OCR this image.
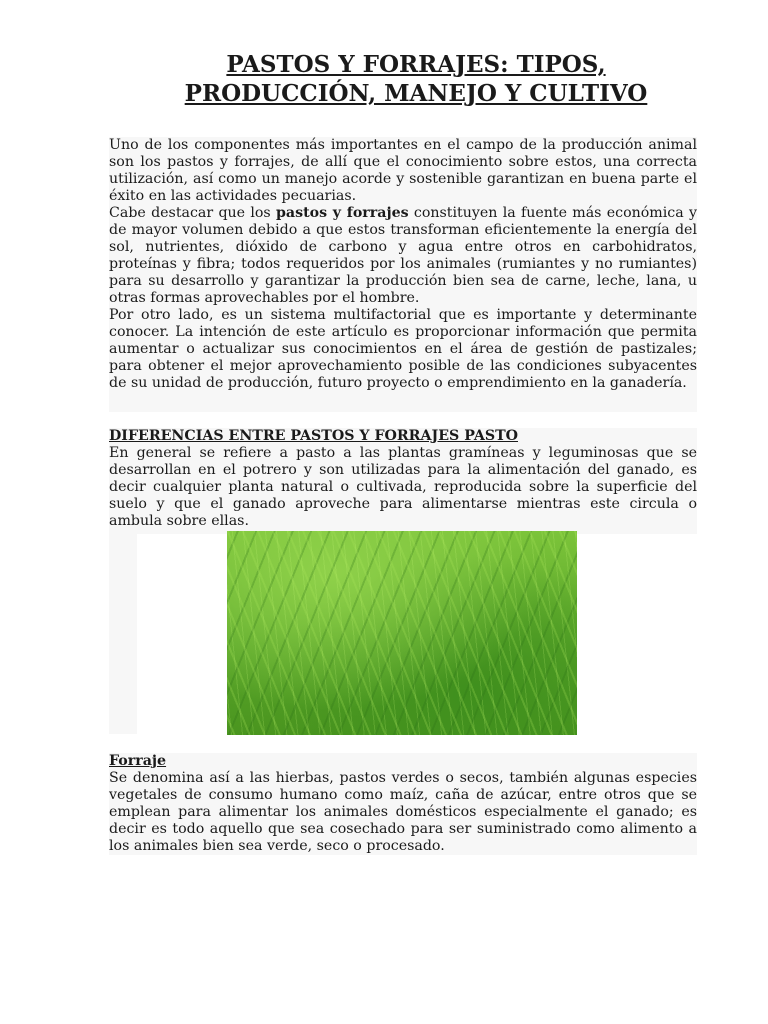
PASTOS Y FORRAJES: TIPOS,
PRODUCCIÓN, MANEJO Y CULTIVO

Uno de los componentes más importantes en el campo de la producción animal son los pastos y forrajes, de allí que el conocimiento sobre estos, una correcta utilización, así como un manejo acorde y sostenible garantizan en buena parte el éxito en las actividades pecuarias.

Cabe destacar que los pastos y forrajes constituyen la fuente más económica y de mayor volumen debido a que estos transforman eficientemente la energía del sol, nutrientes, dióxido de carbono y agua entre otros en carbohidratos, proteínas y fibra; todos requeridos por los animales (rumiantes y no rumiantes) para su desarrollo y garantizar la producción bien sea de carne, leche, lana, u otras formas aprovechables por el hombre.

Por otro lado, es un sistema multifactorial que es importante y determinante conocer. La intención de este artículo es proporcionar información que permita aumentar o actualizar sus conocimientos en el área de gestión de pastizales; para obtener el mejor aprovechamiento posible de las condiciones subyacentes de su unidad de producción, futuro proyecto o emprendimiento en la ganadería.

DIFERENCIAS ENTRE PASTOS Y FORRAJES PASTO

En general se refiere a pasto a las plantas gramíneas y leguminosas que se desarrollan en el potrero y son utilizadas para la alimentación del ganado, es decir cualquier planta natural o cultivada, reproducida sobre la superficie del suelo y que el ganado aproveche para alimentarse mientras este circula o ambula sobre ellas.

Forraje

Se denomina así a las hierbas, pastos verdes o secos, también algunas especies vegetales de consumo humano como maíz, caña de azúcar, entre otros que se emplean para alimentar los animales domésticos especialmente el ganado; es decir es todo aquello que sea cosechado para ser suministrado como alimento a los animales bien sea verde, seco o procesado.
